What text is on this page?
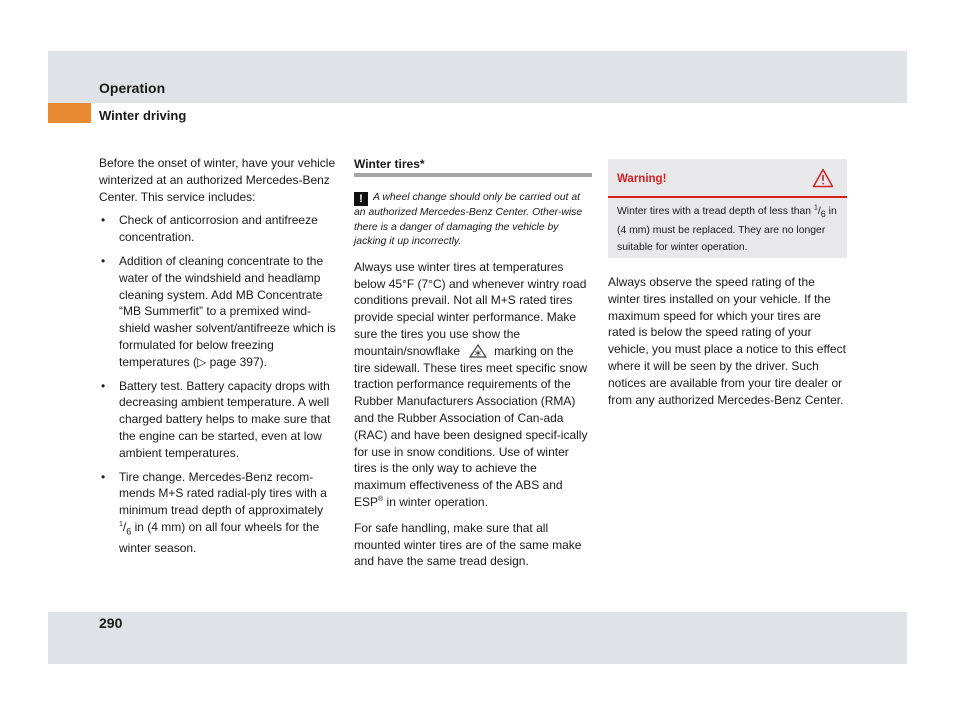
Operation
Winter driving

Before the onset of winter, have your vehicle winterized at an authorized Mercedes-Benz Center. This service includes:

• Check of anticorrosion and antifreeze concentration.
• Addition of cleaning concentrate to the water of the windshield and headlamp cleaning system. Add MB Concentrate “MB Summerfit” to a premixed wind-shield washer solvent/antifreeze which is formulated for below freezing temperatures (▷ page 397).
• Battery test. Battery capacity drops with decreasing ambient temperature. A well charged battery helps to make sure that the engine can be started, even at low ambient temperatures.
• Tire change. Mercedes-Benz recom-mends M+S rated radial-ply tires with a minimum tread depth of approximately $^1/_6$ in (4 mm) on all four wheels for the winter season.
Winter tires*

! A wheel change should only be carried out at an authorized Mercedes-Benz Center. Other-wise there is a danger of damaging the vehicle by jacking it up incorrectly.

Always use winter tires at temperatures below 45°F (7°C) and whenever wintry road conditions prevail. Not all M+S rated tires provide special winter performance. Make sure the tires you use show the mountain/snowflake	marking on the tire sidewall. These tires meet specific snow traction performance requirements of the Rubber Manufacturers Association (RMA) and the Rubber Association of Can-ada (RAC) and have been designed specif-ically for use in snow conditions. Use of winter tires is the only way to achieve the maximum effectiveness of the ABS and ESP® in winter operation.

For safe handling, make sure that all mounted winter tires are of the same make and have the same tread design.

Warning!
Winter tires with a tread depth of less than $^1/_6$ in (4 mm) must be replaced. They are no longer suitable for winter operation.

Always observe the speed rating of the winter tires installed on your vehicle. If the maximum speed for which your tires are rated is below the speed rating of your vehicle, you must place a notice to this effect where it will be seen by the driver. Such notices are available from your tire dealer or from any authorized Mercedes-Benz Center.

290
